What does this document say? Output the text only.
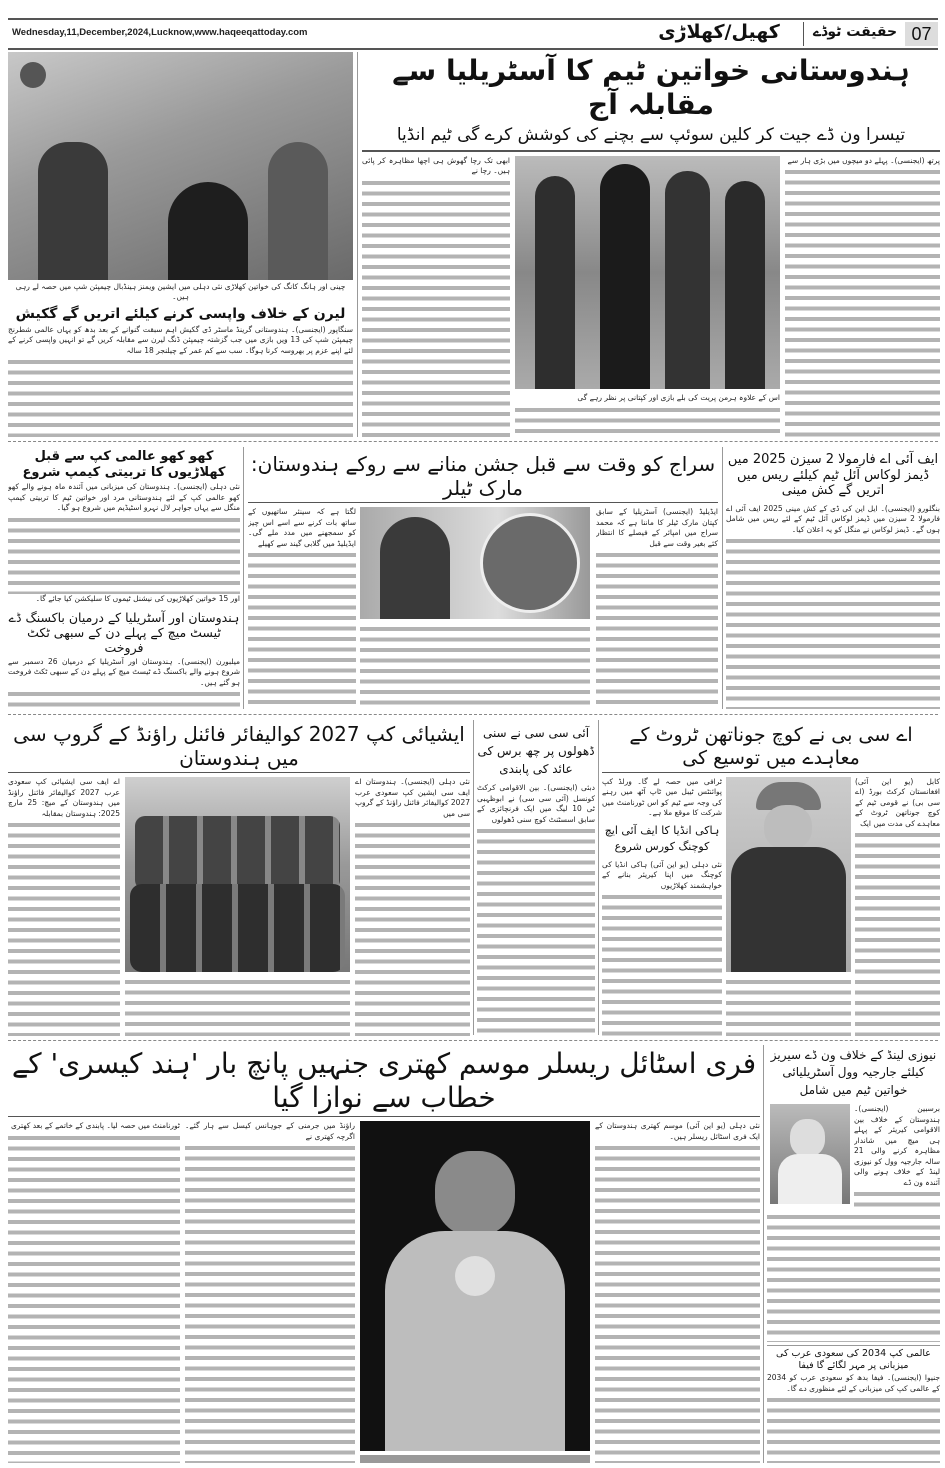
Wednesday,11,December,2024,Lucknow,www.haqeeqattoday.com	07
حقیقت ٹوڈے
کھیل/کھلاڑی
چینی اور ہانگ کانگ کی خواتین کھلاڑی نئی دہلی میں ایشین ویمنز ہینڈبال چیمپئن شپ میں حصہ لے رہی ہیں۔
لیرن کے خلاف واپسی کرنے کیلئے اتریں گے گکیش

سنگاپور (ایجنسی)۔ ہندوستانی گرینڈ ماسٹر ڈی گکیش اہم سبقت گنوانے کے بعد بدھ کو یہاں عالمی شطرنج چیمپئن شپ کی 13 ویں بازی میں جب گزشتہ چیمپئن ڈنگ لیرن سے مقابلہ کریں گے تو انہیں واپسی کرنے کے لئے اپنے عزم پر بھروسہ کرنا ہوگا۔ سب سے کم عمر کے چیلنجر 18 سالہ

ہندوستانی خواتین ٹیم کا آسٹریلیا سے مقابلہ آج
تیسرا ون ڈے جیت کر کلین سوئپ سے بچنے کی کوشش کرے گی ٹیم انڈیا

پرتھ (ایجنسی)۔ پہلے دو میچوں میں بڑی ہار سے

اس کے علاوہ ہرمن پریت کی بلے بازی اور کپتانی پر نظر رہے گی

ابھی تک رچا گھوش ہی اچھا مظاہرہ کر پائی ہیں۔ رچا نے

کھو کھو عالمی کپ سے قبل کھلاڑیوں کا تربیتی کیمپ شروع

نئی دہلی (ایجنسی)۔ ہندوستان کی میزبانی میں آئندہ ماہ ہونے والے کھو کھو عالمی کپ کے لئے ہندوستانی مرد اور خواتین ٹیم کا تربیتی کیمپ منگل سے یہاں جواہر لال نہرو اسٹیڈیم میں شروع ہو گیا۔

اور 15 خواتین کھلاڑیوں کی نیشنل ٹیموں کا سلیکشن کیا جائے گا۔

ہندوستان اور آسٹریلیا کے درمیان باکسنگ ڈے ٹیسٹ میچ کے پہلے دن کے سبھی ٹکٹ فروخت

میلبورن (ایجنسی)۔ ہندوستان اور آسٹریلیا کے درمیان 26 دسمبر سے شروع ہونے والے باکسنگ ڈے ٹیسٹ میچ کے پہلے دن کے سبھی ٹکٹ فروخت ہو گئے ہیں۔

سراج کو وقت سے قبل جشن منانے سے روکے ہندوستان: مارک ٹیلر

ایڈیلیڈ (ایجنسی) آسٹریلیا کے سابق کپتان مارک ٹیلر کا ماننا ہے کہ محمد سراج میں امپائر کے فیصلے کا انتظار کئے بغیر وقت سے قبل

لگتا ہے کہ سینئر ساتھیوں کے ساتھ بات کرنے سے اسے اس چیز کو سمجھنے میں مدد ملے گی۔ ایڈیلیڈ میں گلابی گیند سے کھیلے

ایف آئی اے فارمولا 2 سیزن 2025 میں ڈیمز لوکاس آئل ٹیم کیلئے ریس میں اتریں گے کش مینی

بنگلورو (ایجنسی)۔ ایل این کی ڈی کے کش مینی 2025 ایف آئی اے فارمولا 2 سیزن میں ڈیمز لوکاس آئل ٹیم کے لئے ریس میں شامل ہوں گے۔ ڈیمز لوکاس نے منگل کو یہ اعلان کیا۔

ایشیائی کپ 2027 کوالیفائر فائنل راؤنڈ کے گروپ سی میں ہندوستان

نئی دہلی (ایجنسی)۔ ہندوستان اے ایف سی ایشین کپ سعودی عرب 2027 کوالیفائر فائنل راؤنڈ کے گروپ سی میں

اے ایف سی ایشیائی کپ سعودی عرب 2027 کوالیفائر فائنل راؤنڈ میں ہندوستان کے میچ: 25 مارچ 2025: ہندوستان بمقابلہ

آئی سی سی نے سنی ڈھولوں پر چھ برس کی عائد کی پابندی

دبئی (ایجنسی)۔ بین الاقوامی کرکٹ کونسل (آئی سی سی) نے ابوظہبی ٹی 10 لیگ میں ایک فرنچائزی کے سابق اسسٹنٹ کوچ سنی ڈھولوں

اے سی بی نے کوچ جوناتھن ٹروٹ کے معاہدے میں توسیع کی

کابل (یو این آئی) افغانستان کرکٹ بورڈ (اے سی بی) نے قومی ٹیم کے کوچ جوناتھن ٹروٹ کے معاہدے کی مدت میں ایک

ٹرافی میں حصہ لے گا۔ ورلڈ کپ پوائنٹس ٹیبل میں ٹاپ آٹھ میں رہنے کی وجہ سے ٹیم کو اس ٹورنامنٹ میں شرکت کا موقع ملا ہے۔

ہاکی انڈیا کا ایف آئی ایچ کوچنگ کورس شروع

نئی دہلی (یو این آئی) ہاکی انڈیا کی کوچنگ میں اپنا کیریئر بنانے کے خواہشمند کھلاڑیوں

فری اسٹائل ریسلر موسم کھتری جنہیں پانچ بار 'ہند کیسری' کے خطاب سے نوازا گیا

نئی دہلی (یو این آئی) موسم کھتری ہندوستان کے ایک فری اسٹائل ریسلر ہیں۔

راؤنڈ میں جرمنی کے جوہانس کیسل سے ہار گئے۔ اگرچہ کھتری نے

ٹورنامنٹ میں حصہ لیا۔ پابندی کے خاتمے کے بعد کھتری

نیوزی لینڈ کے خلاف ون ڈے سیریز کیلئے جارجیہ وول آسٹریلیائی خواتین ٹیم میں شامل

برسبین (ایجنسی)۔ ہندوستان کے خلاف بین الاقوامی کیریئر کے پہلے ہی میچ میں شاندار مظاہرہ کرنے والی 21 سالہ جارجیہ وول کو نیوزی لینڈ کے خلاف ہونے والی آئندہ ون ڈے

عالمی کپ 2034 کی سعودی عرب کی میزبانی پر مہر لگائے گا فیفا

جنیوا (ایجنسی)۔ فیفا بدھ کو سعودی عرب کو 2034 کے عالمی کپ کی میزبانی کے لئے منظوری دے گا۔
